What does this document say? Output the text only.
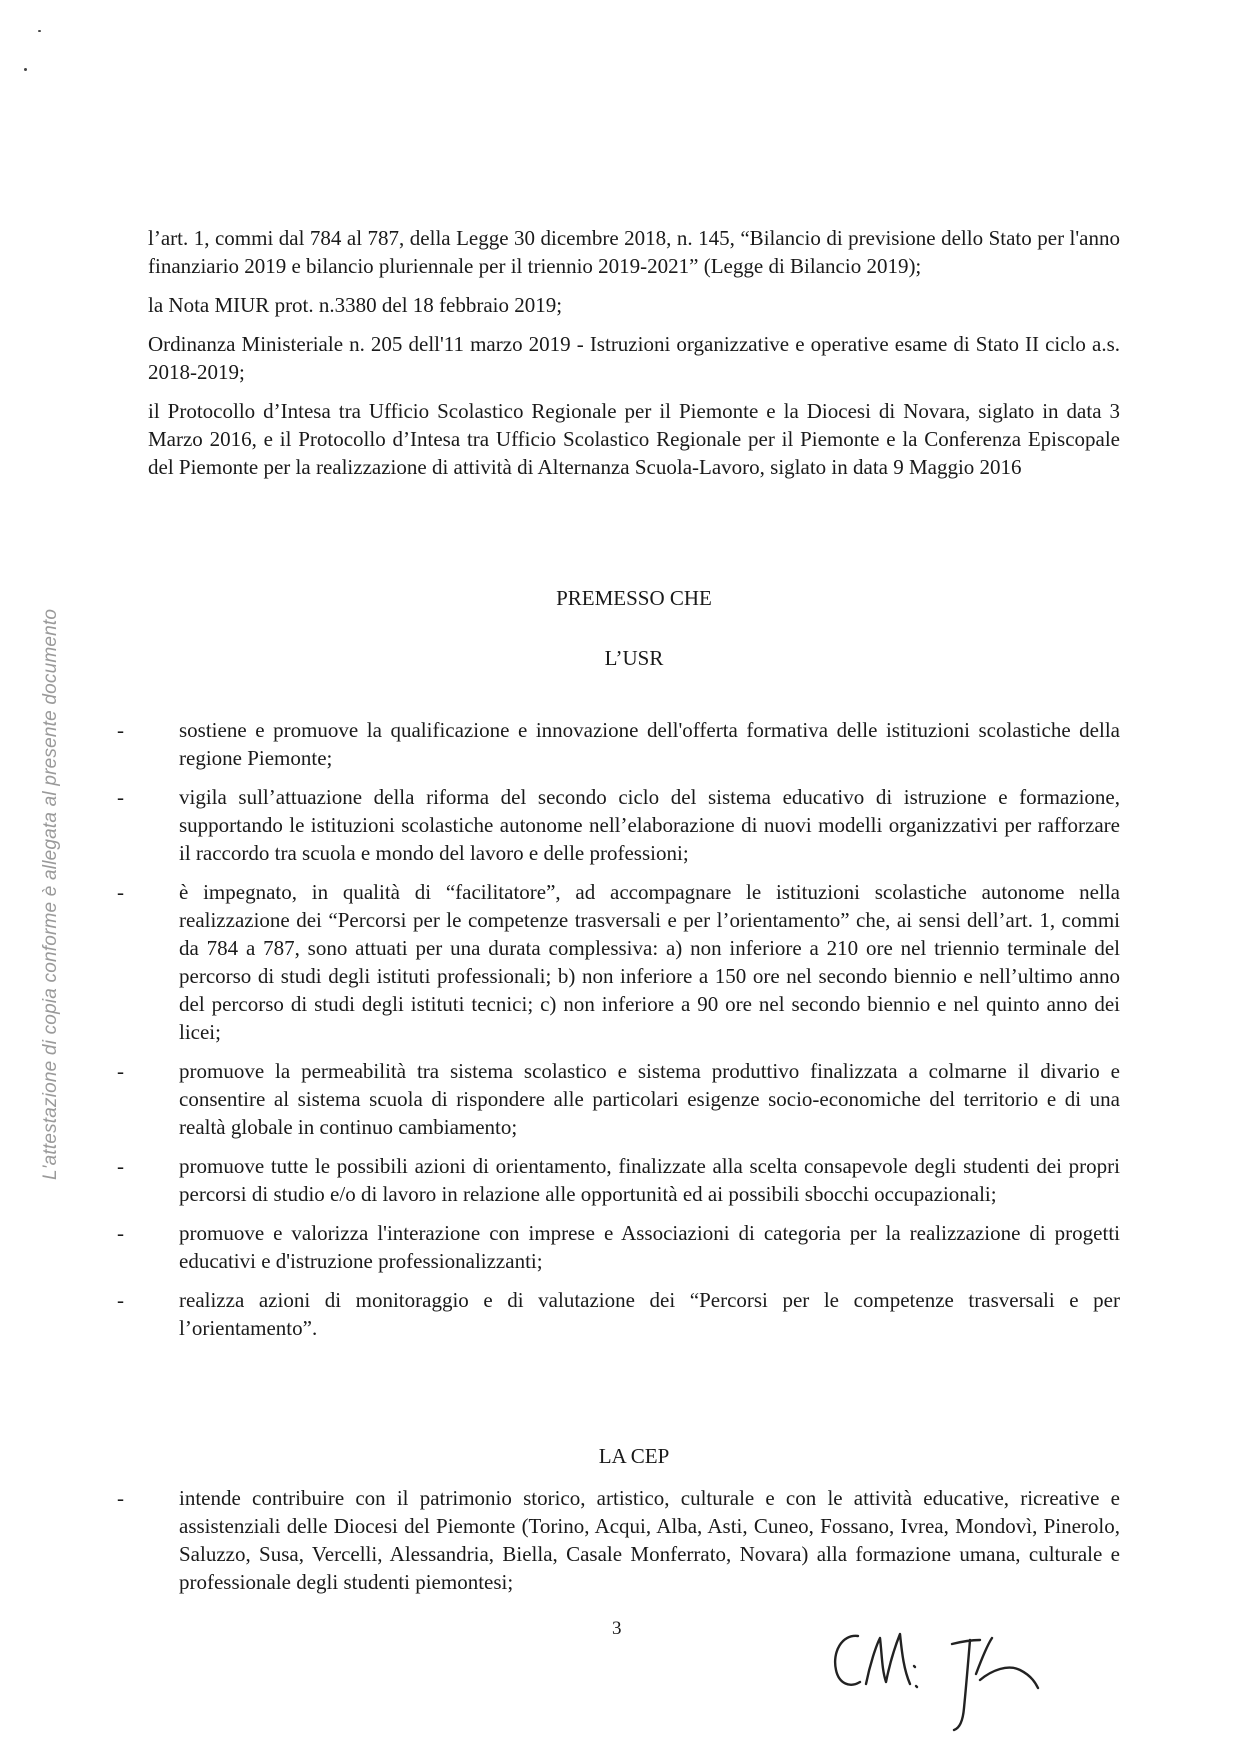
L'attestazione di copia conforme è allegata al presente documento

l’art. 1, commi dal 784 al 787, della Legge 30 dicembre 2018, n. 145, “Bilancio di previsione dello Stato per l'anno finanziario 2019 e bilancio pluriennale per il triennio 2019-2021” (Legge di Bilancio 2019);

la Nota MIUR prot. n.3380 del 18 febbraio 2019;

Ordinanza Ministeriale n. 205 dell'11 marzo 2019 - Istruzioni organizzative e operative esame di Stato II ciclo a.s. 2018-2019;

il Protocollo d’Intesa tra Ufficio Scolastico Regionale per il Piemonte e la Diocesi di Novara, siglato in data 3 Marzo 2016, e il Protocollo d’Intesa tra Ufficio Scolastico Regionale per il Piemonte e la Conferenza Episcopale del Piemonte per la realizzazione di attività di Alternanza Scuola-Lavoro, siglato in data 9 Maggio 2016

PREMESSO CHE
L’USR
-	sostiene e promuove la qualificazione e innovazione dell'offerta formativa delle istituzioni scolastiche della regione Piemonte;
-	vigila sull’attuazione della riforma del secondo ciclo del sistema educativo di istruzione e formazione, supportando le istituzioni scolastiche autonome nell’elaborazione di nuovi modelli organizzativi per rafforzare il raccordo tra scuola e mondo del lavoro e delle professioni;
-	è impegnato, in qualità di “facilitatore”, ad accompagnare le istituzioni scolastiche autonome nella realizzazione dei “Percorsi per le competenze trasversali e per l’orientamento” che, ai sensi dell’art. 1, commi da 784 a 787, sono attuati per una durata complessiva: a) non inferiore a 210 ore nel triennio terminale del percorso di studi degli istituti professionali; b) non inferiore a 150 ore nel secondo biennio e nell’ultimo anno del percorso di studi degli istituti tecnici; c) non inferiore a 90 ore nel secondo biennio e nel quinto anno dei licei;
-	promuove la permeabilità tra sistema scolastico e sistema produttivo finalizzata a colmarne il divario e consentire al sistema scuola di rispondere alle particolari esigenze socio-economiche del territorio e di una realtà globale in continuo cambiamento;
-	promuove tutte le possibili azioni di orientamento, finalizzate alla scelta consapevole degli studenti dei propri percorsi di studio e/o di lavoro in relazione alle opportunità ed ai possibili sbocchi occupazionali;
-	promuove e valorizza l'interazione con imprese e Associazioni di categoria per la realizzazione di progetti educativi e d'istruzione professionalizzanti;
-	realizza azioni di monitoraggio e di valutazione dei “Percorsi per le competenze trasversali e per l’orientamento”.
LA CEP
-	intende contribuire con il patrimonio storico, artistico, culturale e con le attività educative, ricreative e assistenziali delle Diocesi del Piemonte (Torino, Acqui, Alba, Asti, Cuneo, Fossano, Ivrea, Mondovì, Pinerolo, Saluzzo, Susa, Vercelli, Alessandria, Biella, Casale Monferrato, Novara) alla formazione umana, culturale e professionale degli studenti piemontesi;
3
